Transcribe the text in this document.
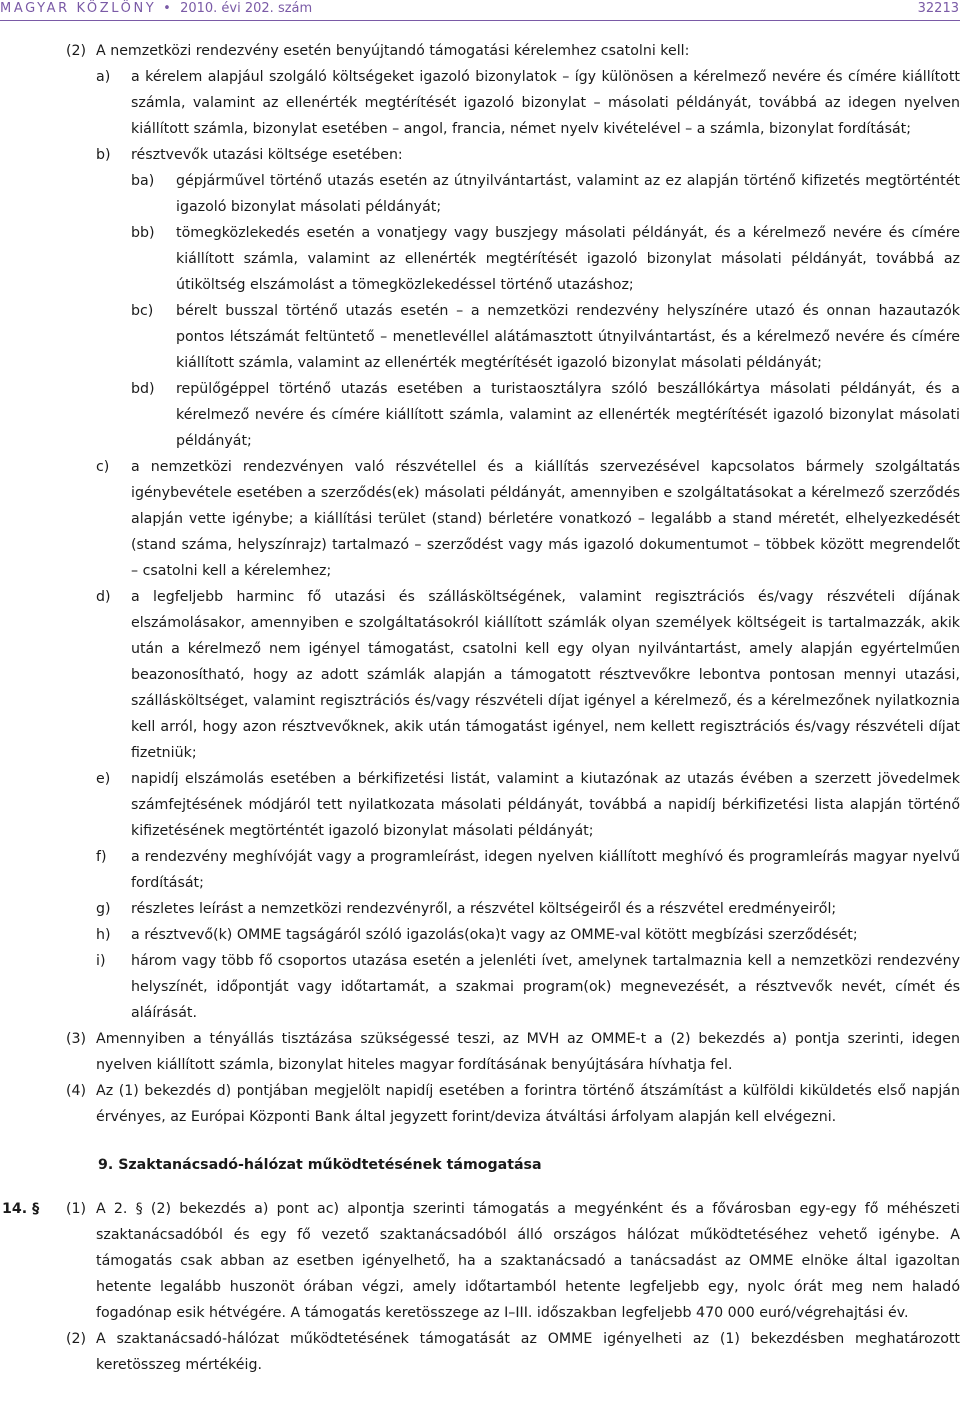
MAGYAR KÖZLÖNY • 2010. évi 202. szám	32213
(2) A nemzetközi rendezvény esetén benyújtandó támogatási kérelemhez csatolni kell:
a) a kérelem alapjául szolgáló költségeket igazoló bizonylatok – így különösen a kérelmező nevére és címére kiállított számla, valamint az ellenérték megtérítését igazoló bizonylat – másolati példányát, továbbá az idegen nyelven kiállított számla, bizonylat esetében – angol, francia, német nyelv kivételével – a számla, bizonylat fordítását;
b) résztvevők utazási költsége esetében:
ba) gépjárművel történő utazás esetén az útnyilvántartást, valamint az ez alapján történő kifizetés megtörténtét igazoló bizonylat másolati példányát;
bb) tömegközlekedés esetén a vonatjegy vagy buszjegy másolati példányát, és a kérelmező nevére és címére kiállított számla, valamint az ellenérték megtérítését igazoló bizonylat másolati példányát, továbbá az útiköltség elszámolást a tömegközlekedéssel történő utazáshoz;
bc) bérelt busszal történő utazás esetén – a nemzetközi rendezvény helyszínére utazó és onnan hazautazók pontos létszámát feltüntető – menetlevéllel alátámasztott útnyilvántartást, és a kérelmező nevére és címére kiállított számla, valamint az ellenérték megtérítését igazoló bizonylat másolati példányát;
bd) repülőgéppel történő utazás esetében a turistaosztályra szóló beszállókártya másolati példányát, és a kérelmező nevére és címére kiállított számla, valamint az ellenérték megtérítését igazoló bizonylat másolati példányát;
c) a nemzetközi rendezvényen való részvétellel és a kiállítás szervezésével kapcsolatos bármely szolgáltatás igénybevétele esetében a szerződés(ek) másolati példányát, amennyiben e szolgáltatásokat a kérelmező szerződés alapján vette igénybe; a kiállítási terület (stand) bérletére vonatkozó – legalább a stand méretét, elhelyezkedését (stand száma, helyszínrajz) tartalmazó – szerződést vagy más igazoló dokumentumot – többek között megrendelőt – csatolni kell a kérelemhez;
d) a legfeljebb harminc fő utazási és szállásköltségének, valamint regisztrációs és/vagy részvételi díjának elszámolásakor, amennyiben e szolgáltatásokról kiállított számlák olyan személyek költségeit is tartalmazzák, akik után a kérelmező nem igényel támogatást, csatolni kell egy olyan nyilvántartást, amely alapján egyértelműen beazonosítható, hogy az adott számlák alapján a támogatott résztvevőkre lebontva pontosan mennyi utazási, szállásköltséget, valamint regisztrációs és/vagy részvételi díjat igényel a kérelmező, és a kérelmezőnek nyilatkoznia kell arról, hogy azon résztvevőknek, akik után támogatást igényel, nem kellett regisztrációs és/vagy részvételi díjat fizetniük;
e) napidíj elszámolás esetében a bérkifizetési listát, valamint a kiutazónak az utazás évében a szerzett jövedelmek számfejtésének módjáról tett nyilatkozata másolati példányát, továbbá a napidíj bérkifizetési lista alapján történő kifizetésének megtörténtét igazoló bizonylat másolati példányát;
f) a rendezvény meghívóját vagy a programleírást, idegen nyelven kiállított meghívó és programleírás magyar nyelvű fordítását;
g) részletes leírást a nemzetközi rendezvényről, a részvétel költségeiről és a részvétel eredményeiről;
h) a résztvevő(k) OMME tagságáról szóló igazolás(oka)t vagy az OMME-val kötött megbízási szerződését;
i) három vagy több fő csoportos utazása esetén a jelenléti ívet, amelynek tartalmaznia kell a nemzetközi rendezvény helyszínét, időpontját vagy időtartamát, a szakmai program(ok) megnevezését, a résztvevők nevét, címét és aláírását.
(3) Amennyiben a tényállás tisztázása szükségessé teszi, az MVH az OMME-t a (2) bekezdés a) pontja szerinti, idegen nyelven kiállított számla, bizonylat hiteles magyar fordításának benyújtására hívhatja fel.
(4) Az (1) bekezdés d) pontjában megjelölt napidíj esetében a forintra történő átszámítást a külföldi kiküldetés első napján érvényes, az Európai Központi Bank által jegyzett forint/deviza átváltási árfolyam alapján kell elvégezni.
9. Szaktanácsadó-hálózat működtetésének támogatása
14. § (1) A 2. § (2) bekezdés a) pont ac) alpontja szerinti támogatás a megyénként és a fővárosban egy-egy fő méhészeti szaktanácsadóból és egy fő vezető szaktanácsadóból álló országos hálózat működtetéséhez vehető igénybe. A támogatás csak abban az esetben igényelhető, ha a szaktanácsadó a tanácsadást az OMME elnöke által igazoltan hetente legalább huszonöt órában végzi, amely időtartamból hetente legfeljebb egy, nyolc órát meg nem haladó fogadónap esik hétvégére. A támogatás keretösszege az I–III. időszakban legfeljebb 470 000 euró/végrehajtási év.
(2) A szaktanácsadó-hálózat működtetésének támogatását az OMME igényelheti az (1) bekezdésben meghatározott keretösszeg mértékéig.
